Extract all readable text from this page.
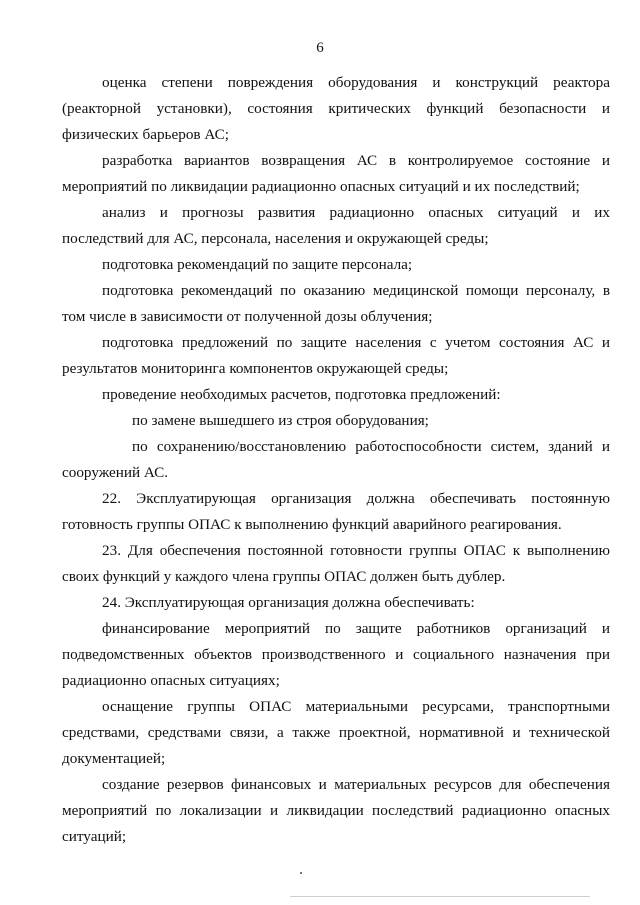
6

оценка степени повреждения оборудования и конструкций реактора (реакторной установки), состояния критических функций безопасности и физических барьеров АС;

разработка вариантов возвращения АС в контролируемое состояние и мероприятий по ликвидации радиационно опасных ситуаций и их последствий;

анализ и прогнозы развития радиационно опасных ситуаций и их последствий для АС, персонала, населения и окружающей среды;

подготовка рекомендаций по защите персонала;

подготовка рекомендаций по оказанию медицинской помощи персоналу, в том числе в зависимости от полученной дозы облучения;

подготовка предложений по защите населения с учетом состояния АС и результатов мониторинга компонентов окружающей среды;

проведение необходимых расчетов, подготовка предложений:

по замене вышедшего из строя оборудования;

по сохранению/восстановлению работоспособности систем, зданий и сооружений АС.

22. Эксплуатирующая организация должна обеспечивать постоянную готовность группы ОПАС к выполнению функций аварийного реагирования.

23. Для обеспечения постоянной готовности группы ОПАС к выполнению своих функций у каждого члена группы ОПАС должен быть дублер.

24. Эксплуатирующая организация должна обеспечивать:

финансирование мероприятий по защите работников организаций и подведомственных объектов производственного и социального назначения при радиационно опасных ситуациях;

оснащение группы ОПАС материальными ресурсами, транспортными средствами, средствами связи, а также проектной, нормативной и технической документацией;

создание резервов финансовых и материальных ресурсов для обеспечения мероприятий по локализации и ликвидации последствий радиационно опасных ситуаций;
